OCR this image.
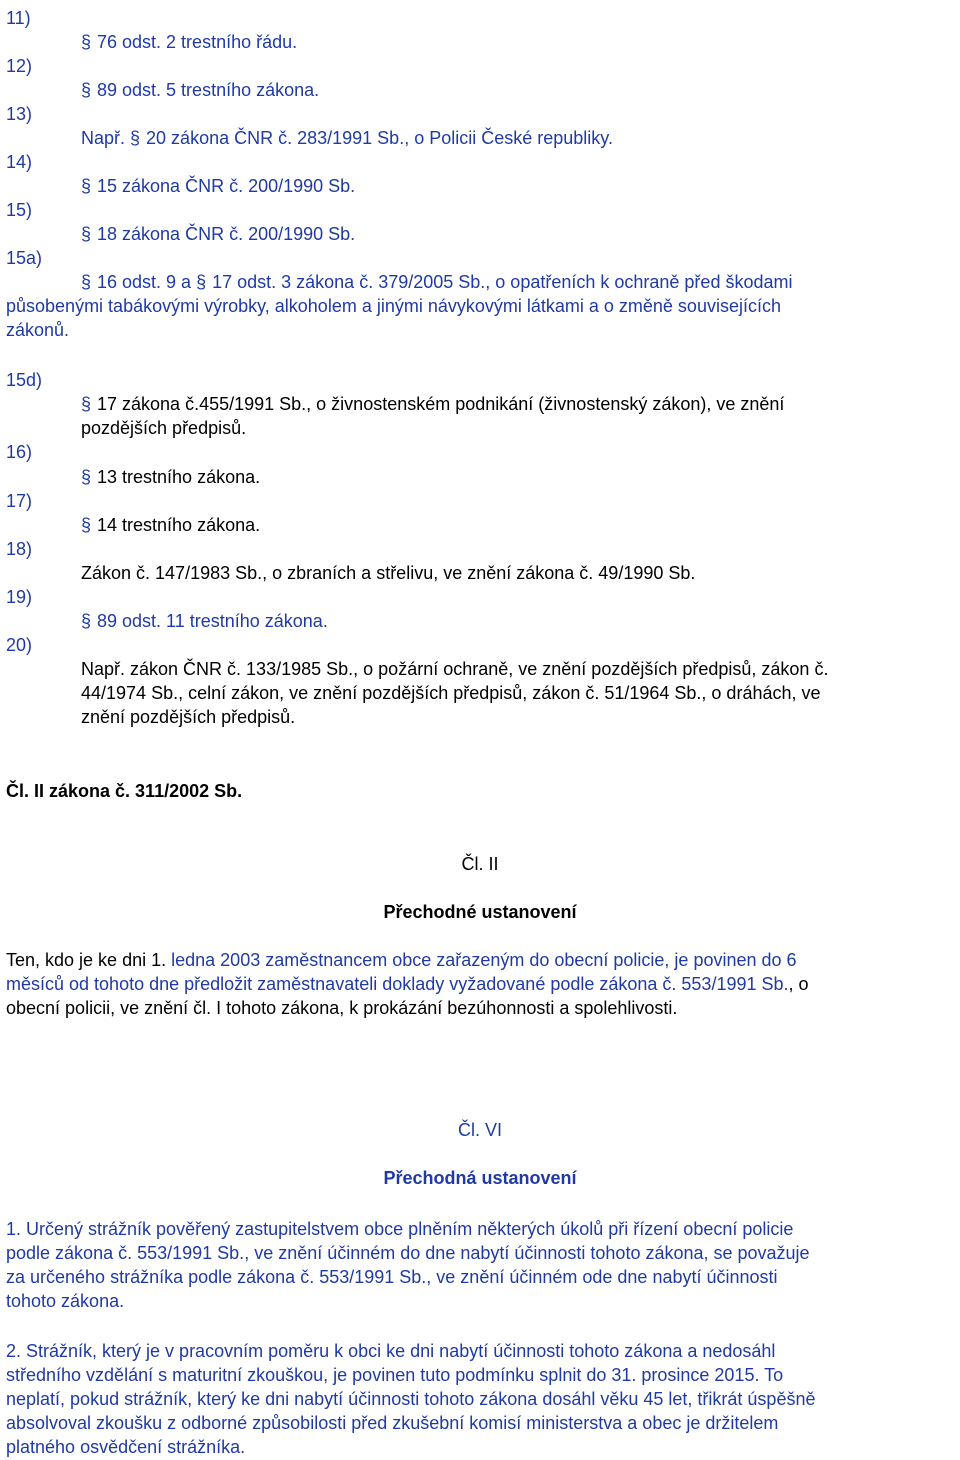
11)
§ 76 odst. 2 trestního řádu.
12)
§ 89 odst. 5 trestního zákona.
13)
Např. § 20 zákona ČNR č. 283/1991 Sb., o Policii České republiky.
14)
§ 15 zákona ČNR č. 200/1990 Sb.
15)
§ 18 zákona ČNR č. 200/1990 Sb.
15a)
§ 16 odst. 9 a § 17 odst. 3 zákona č. 379/2005 Sb., o opatřeních k ochraně před škodami
působenými tabákovými výrobky, alkoholem a jinými návykovými látkami a o změně souvisejících
zákonů.
15d)
§ 17 zákona č.455/1991 Sb., o živnostenském podnikání (živnostenský zákon), ve znění
pozdějších předpisů.
16)
§ 13 trestního zákona.
17)
§ 14 trestního zákona.
18)
Zákon č. 147/1983 Sb., o zbraních a střelivu, ve znění zákona č. 49/1990 Sb.
19)
§ 89 odst. 11 trestního zákona.
20)
Např. zákon ČNR č. 133/1985 Sb., o požární ochraně, ve znění pozdějších předpisů, zákon č.
44/1974 Sb., celní zákon, ve znění pozdějších předpisů, zákon č. 51/1964 Sb., o dráhách, ve
znění pozdějších předpisů.
Čl. II zákona č. 311/2002 Sb.
Čl. II
Přechodné ustanovení
Ten, kdo je ke dni 1. ledna 2003 zaměstnancem obce zařazeným do obecní policie, je povinen do 6
měsíců od tohoto dne předložit zaměstnavateli doklady vyžadované podle zákona č. 553/1991 Sb., o
obecní policii, ve znění čl. I tohoto zákona, k prokázání bezúhonnosti a spolehlivosti.
Čl. VI
Přechodná ustanovení
1. Určený strážník pověřený zastupitelstvem obce plněním některých úkolů při řízení obecní policie
podle zákona č. 553/1991 Sb., ve znění účinném do dne nabytí účinnosti tohoto zákona, se považuje
za určeného strážníka podle zákona č. 553/1991 Sb., ve znění účinném ode dne nabytí účinnosti
tohoto zákona.
2. Strážník, který je v pracovním poměru k obci ke dni nabytí účinnosti tohoto zákona a nedosáhl
středního vzdělání s maturitní zkouškou, je povinen tuto podmínku splnit do 31. prosince 2015. To
neplatí, pokud strážník, který ke dni nabytí účinnosti tohoto zákona dosáhl věku 45 let, třikrát úspěšně
absolvoval zkoušku z odborné způsobilosti před zkušební komisí ministerstva a obec je držitelem
platného osvědčení strážníka.
